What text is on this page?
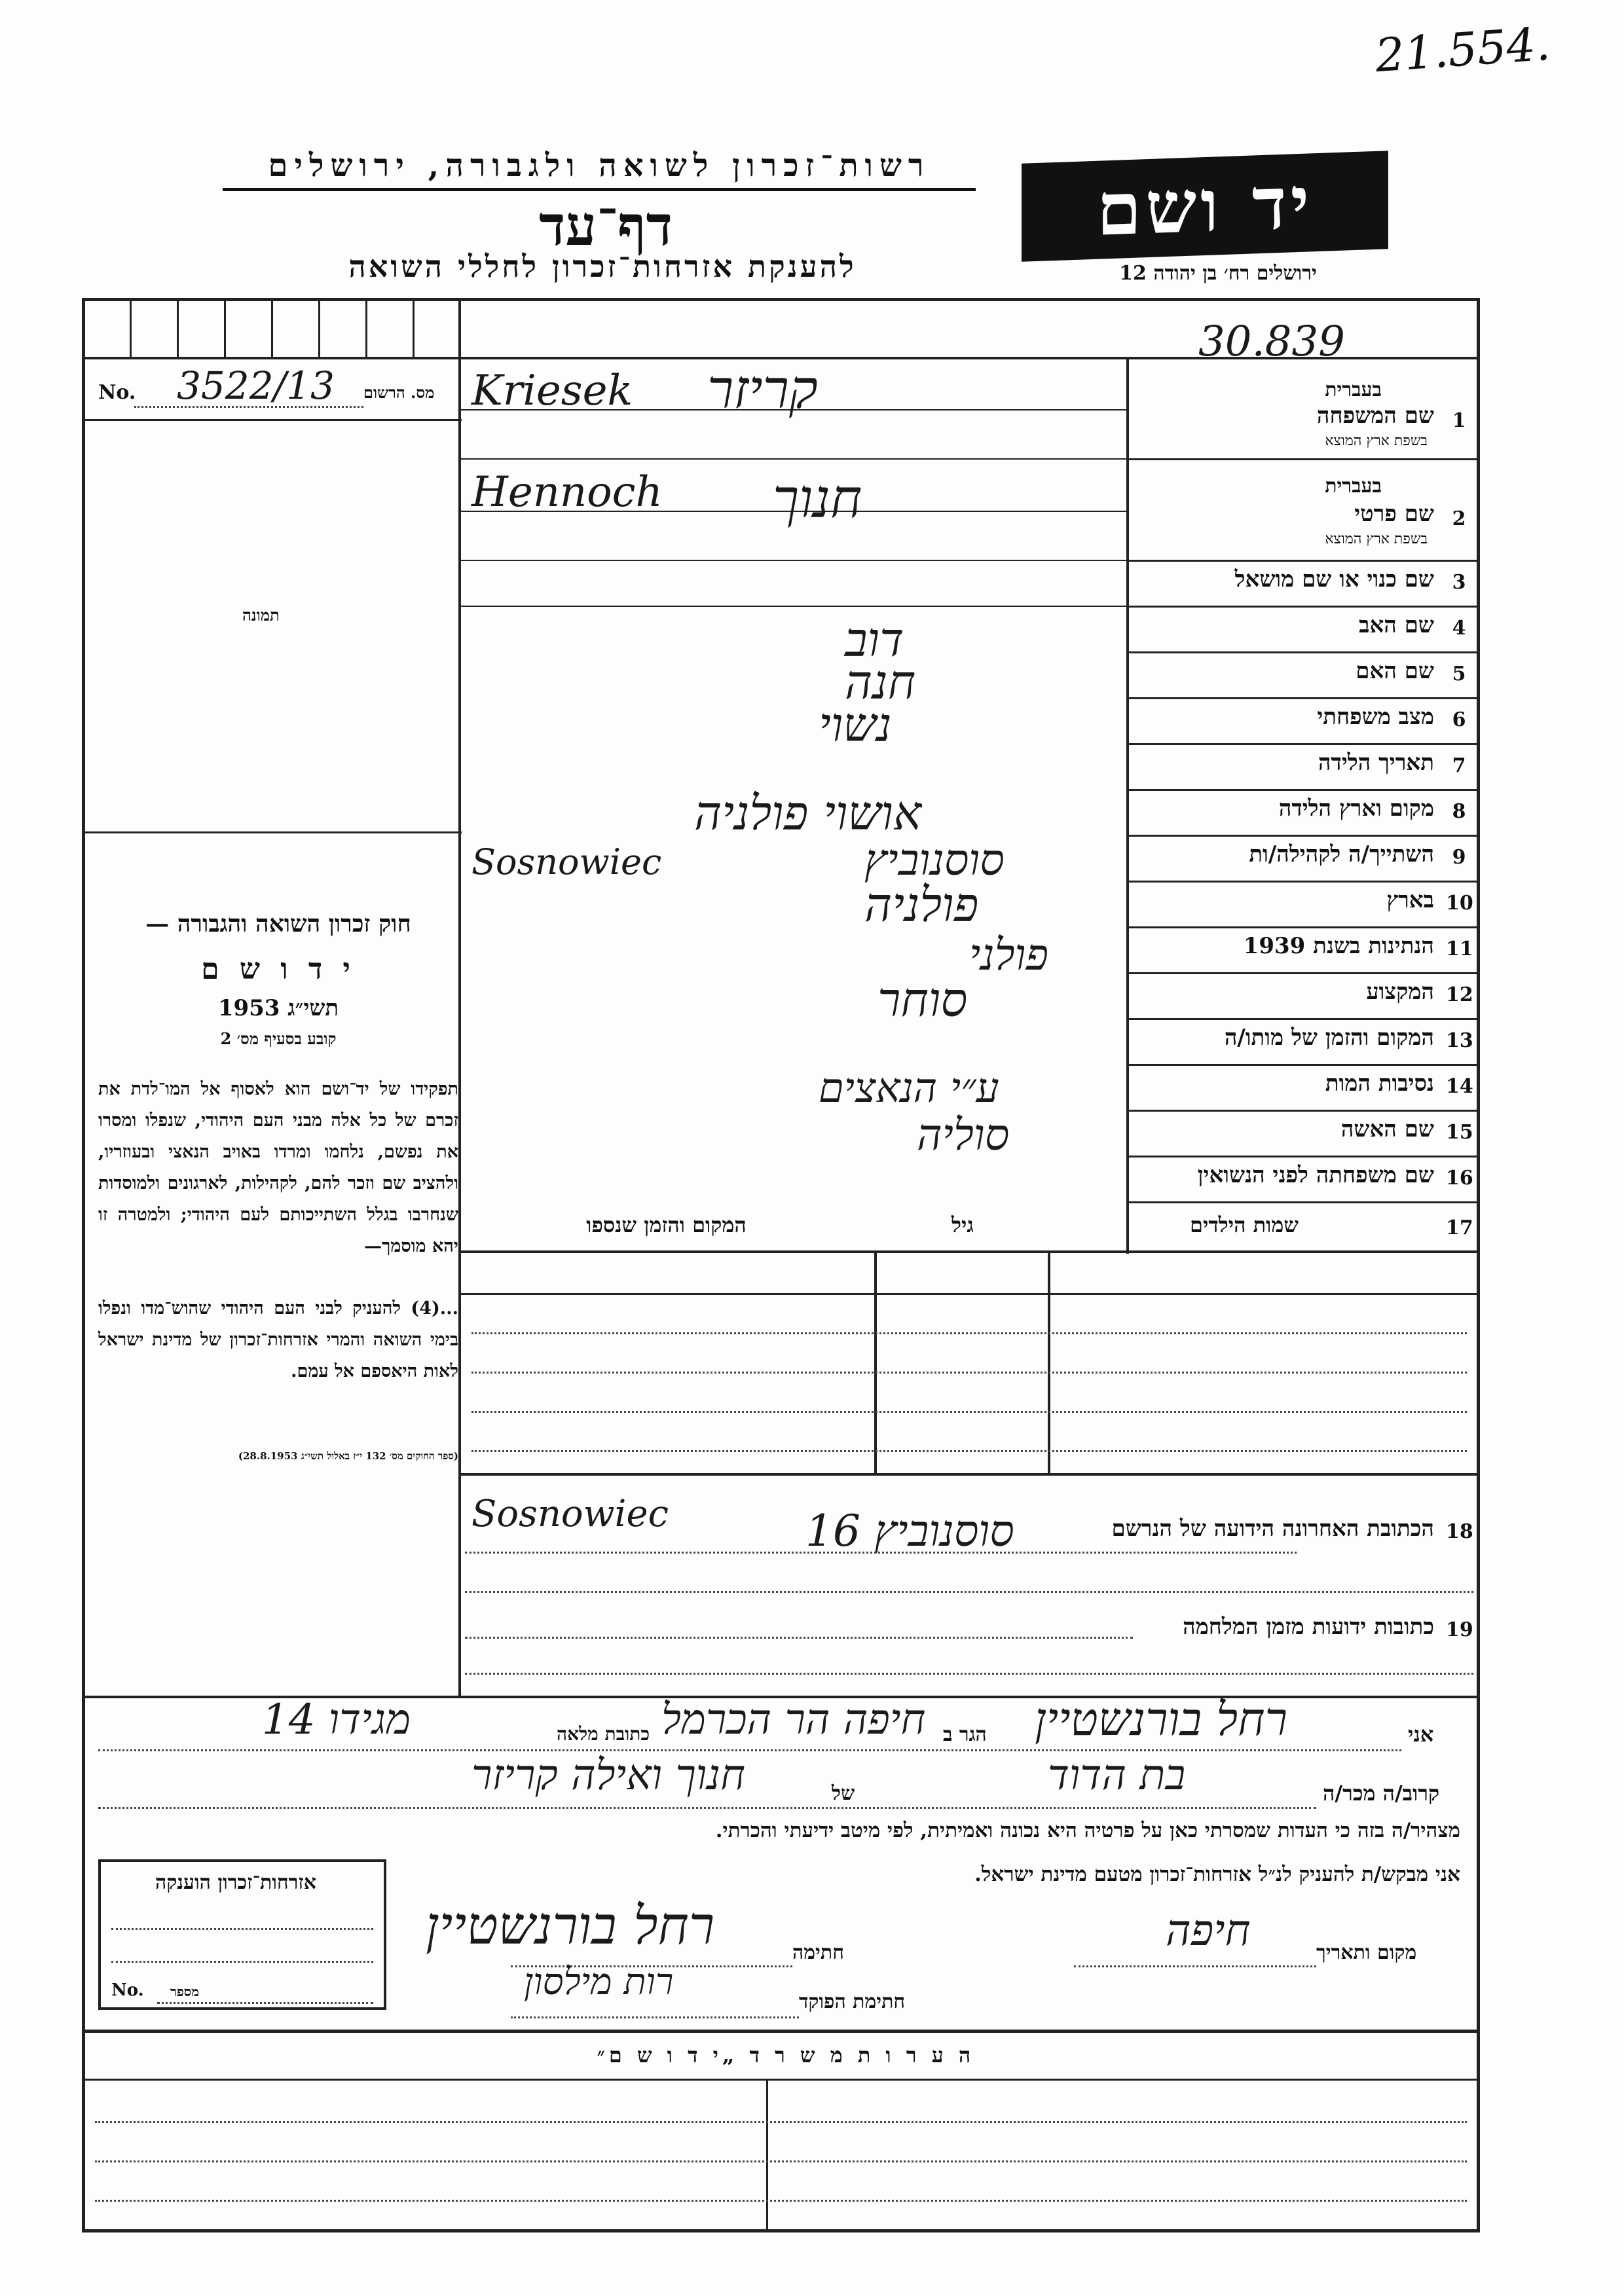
21.554.
רשות־זכרון לשואה ולגבורה, ירושלים
דף־עד
להענקת אזרחות־זכרון לחללי השואה
יד ושם
ירושלים רח׳ בן יהודה 12
30.839
No. 3522/13 מס. הרשום
תמונה
חוק זכרון השואה והגבורה —
י ד ו ש ם
תשי״ג 1953
קובע בסעיף מס׳ 2
תפקידו של יד־ושם הוא לאסוף אל המו־לדת את זכרם של כל אלה מבני העם היהודי, שנפלו ומסרו את נפשם, נלחמו ומרדו באויב הנאצי ובעוזריו, ולהציב שם וזכר להם, לקהילות, לארגונים ולמוסדות שנחרבו בגלל השתייכותם לעם היהודי; ולמטרה זו יהא מוסמך—
...(4) להעניק לבני העם היהודי שהוש־מדו ונפלו בימי השואה והמרי אזרחות־זכרון של מדינת ישראל לאות היאספם אל עמם.
(ספר החוקים מס׳ 132 י״ז באלול תשי״ג 28.8.1953)
1
שם המשפחה
בעברית
בשפת ארץ המוצא
קריזר
Kriesek
2
שם פרטי
בעברית
בשפת ארץ המוצא
חנוך
Hennoch
3
שם כנוי או שם מושאל
4
שם האב
דוב
5
שם האם
חנה
6
מצב משפחתי
נשוי
7
תאריך הלידה
8
מקום וארץ הלידה
אושוי פולניה
9
השתייך/ה לקהילה/ות
סוסנוביץ
Sosnowiec
10
בארץ
פולניה
11
הנתינות בשנת 1939
פולני
12
המקצוע
סוחר
13
המקום והזמן של מותו/ה
14
נסיבות המות
ע״י הנאצים
15
שם האשה
סוליה
16
שם משפחתה לפני הנשואין
17
שמות הילדים
גיל
המקום והזמן שנספו
18
הכתובת האחרונה הידועה של הנרשם
סוסנוביץ 16
Sosnowiec
19
כתובות ידועות מזמן המלחמה
אני
רחל בורנשטיין
הגר ב
חיפה הר הכרמל
כתובת מלאה
מגידו 14
קרוב/ה מכר/ה
בת הדוד
של
חנוך ואילה קריזר
מצהיר/ה בזה כי העדות שמסרתי כאן על פרטיה היא נכונה ואמיתית, לפי מיטב ידיעתי והכרתי.
אני מבקש/ת להעניק לנ״ל אזרחות־זכרון מטעם מדינת ישראל.
מקום ותאריך
חיפה
חתימה
רחל בורנשטיין
חתימת הפוקד
רות מילסון
אזרחות־זכרון הוענקה
No. מספר
ה ע ר ו ת מ ש ר ד „י ד ו ש ם״
